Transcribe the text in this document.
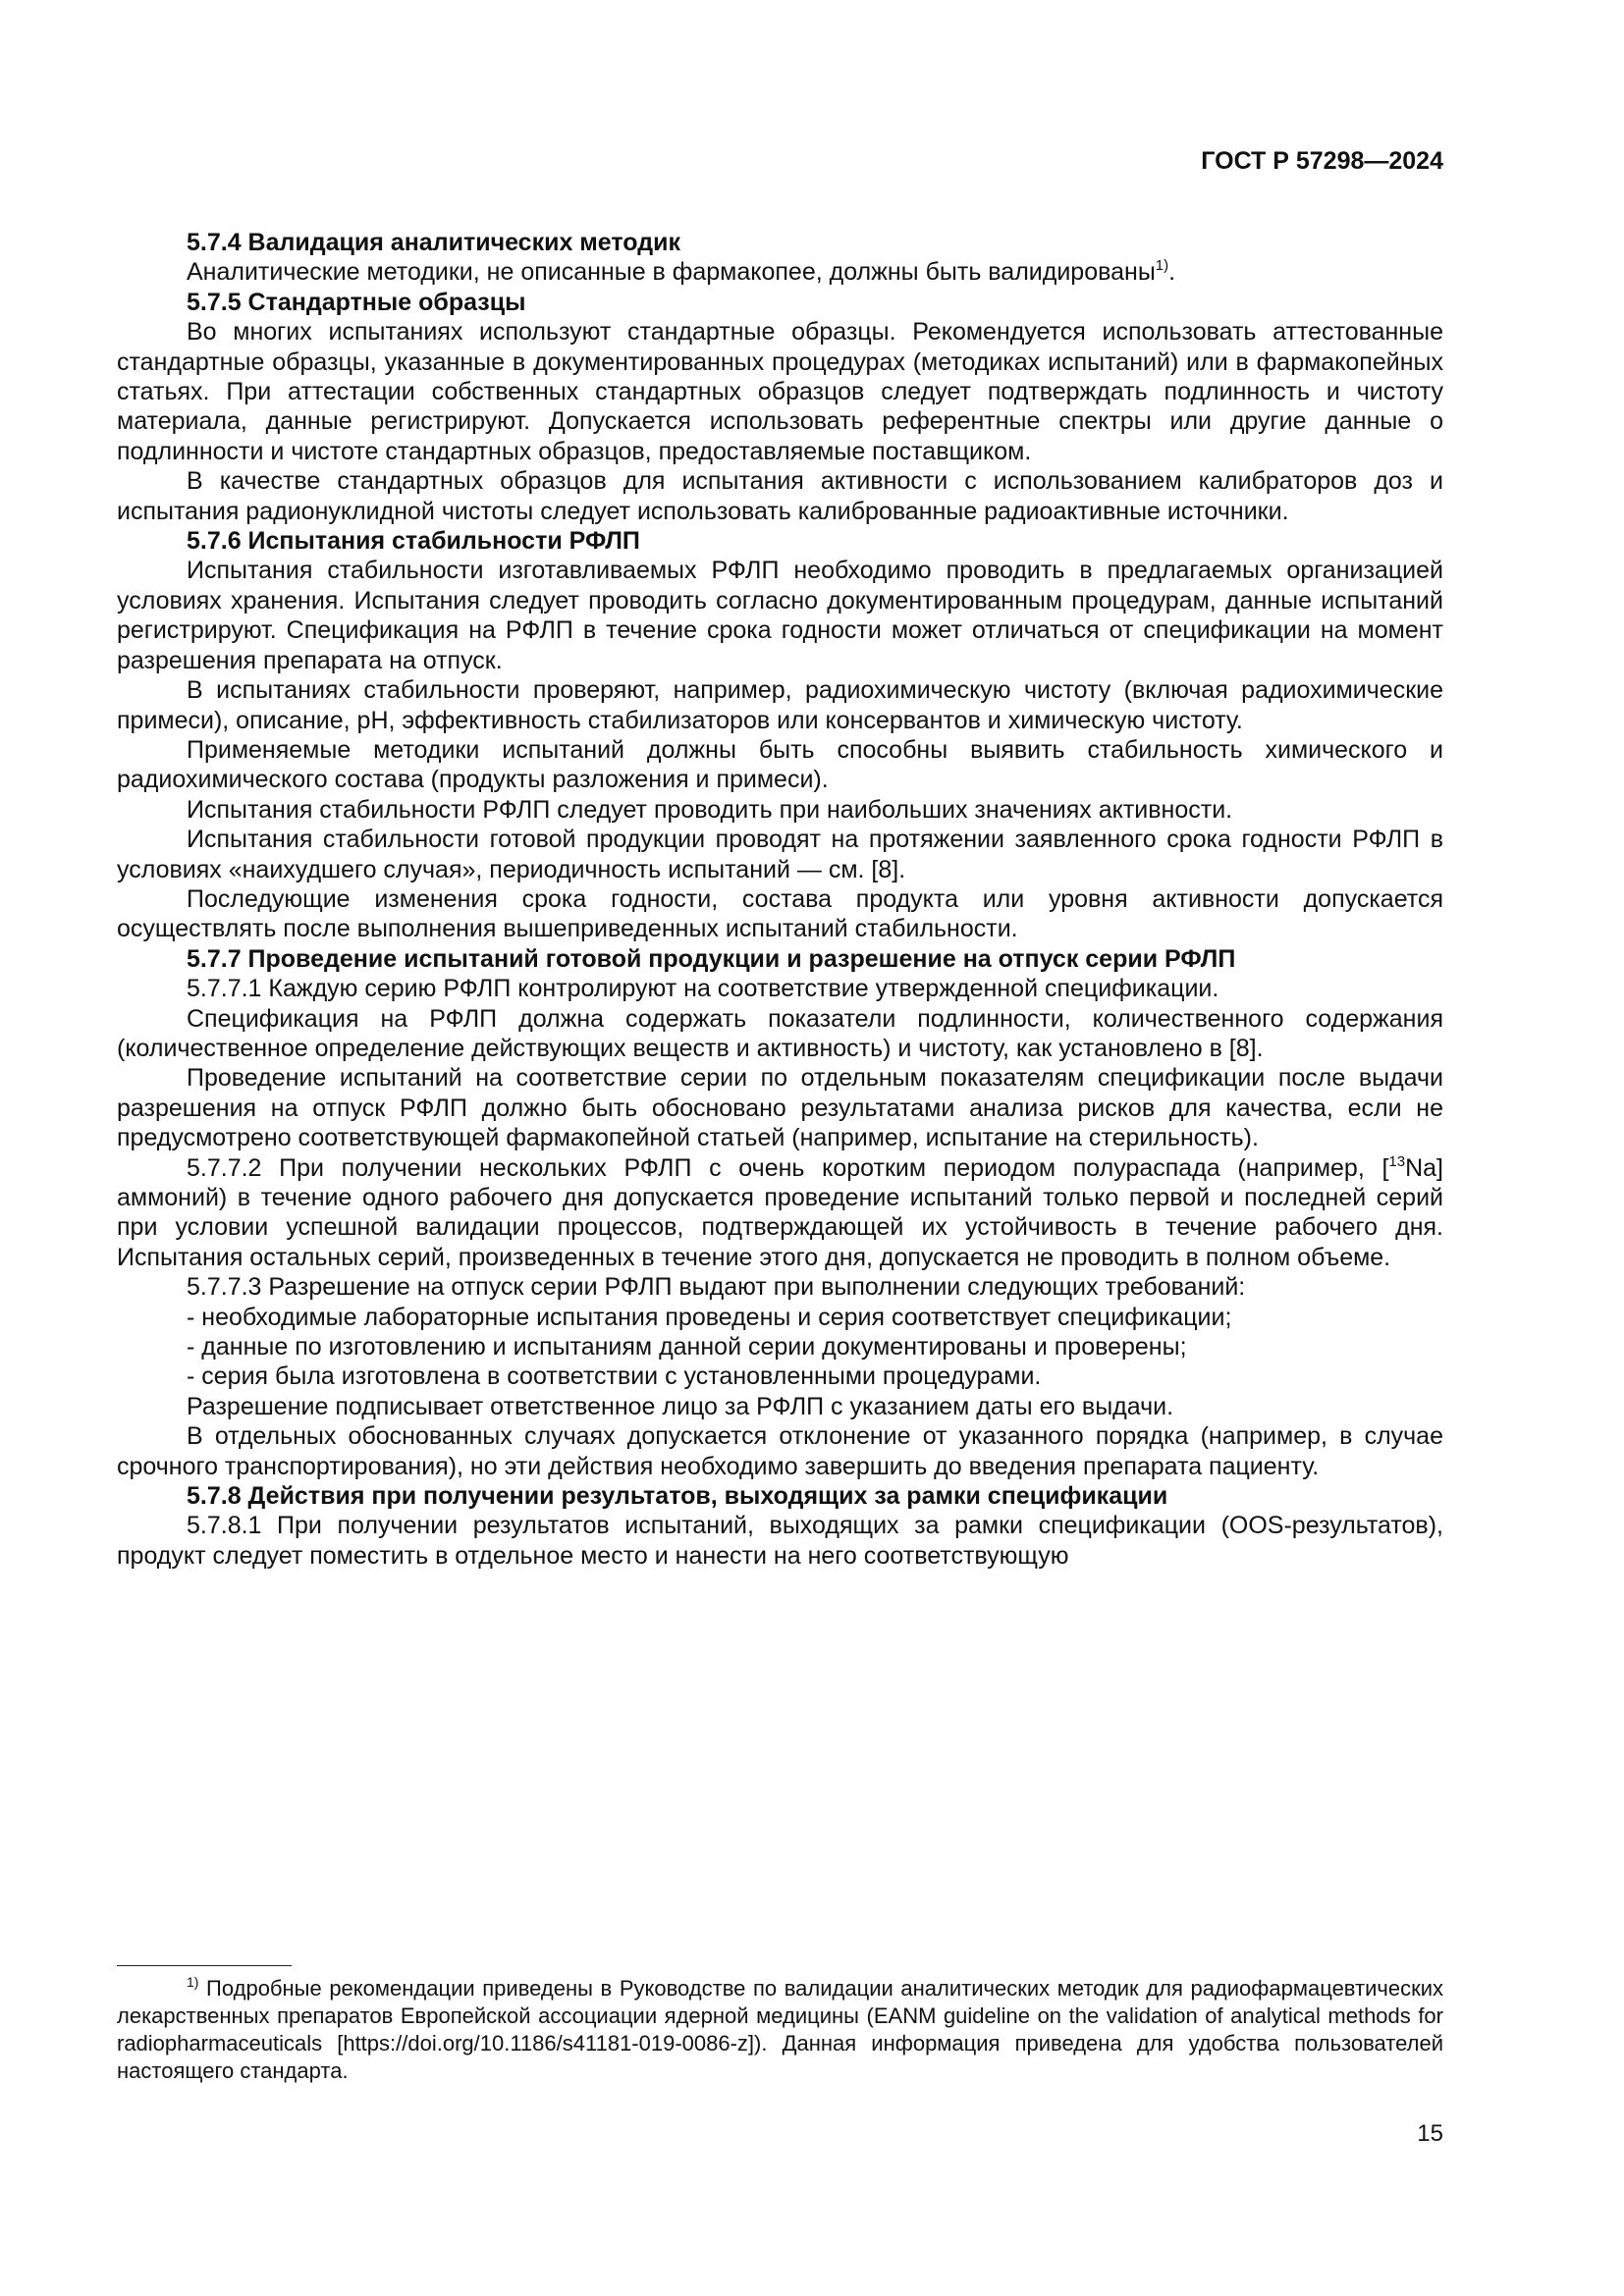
ГОСТ Р 57298—2024

5.7.4 Валидация аналитических методик

Аналитические методики, не описанные в фармакопее, должны быть валидированы$^{1)}$.

5.7.5 Стандартные образцы

Во многих испытаниях используют стандартные образцы. Рекомендуется использовать аттестованные стандартные образцы, указанные в документированных процедурах (методиках испытаний) или в фармакопейных статьях. При аттестации собственных стандартных образцов следует подтверждать подлинность и чистоту материала, данные регистрируют. Допускается использовать референтные спектры или другие данные о подлинности и чистоте стандартных образцов, предоставляемые поставщиком.

В качестве стандартных образцов для испытания активности с использованием калибраторов доз и испытания радионуклидной чистоты следует использовать калиброванные радиоактивные источники.

5.7.6 Испытания стабильности РФЛП

Испытания стабильности изготавливаемых РФЛП необходимо проводить в предлагаемых организацией условиях хранения. Испытания следует проводить согласно документированным процедурам, данные испытаний регистрируют. Спецификация на РФЛП в течение срока годности может отличаться от спецификации на момент разрешения препарата на отпуск.

В испытаниях стабильности проверяют, например, радиохимическую чистоту (включая радиохимические примеси), описание, pH, эффективность стабилизаторов или консервантов и химическую чистоту.

Применяемые методики испытаний должны быть способны выявить стабильность химического и радиохимического состава (продукты разложения и примеси).

Испытания стабильности РФЛП следует проводить при наибольших значениях активности.

Испытания стабильности готовой продукции проводят на протяжении заявленного срока годности РФЛП в условиях «наихудшего случая», периодичность испытаний — см. [8].

Последующие изменения срока годности, состава продукта или уровня активности допускается осуществлять после выполнения вышеприведенных испытаний стабильности.

5.7.7 Проведение испытаний готовой продукции и разрешение на отпуск серии РФЛП

5.7.7.1 Каждую серию РФЛП контролируют на соответствие утвержденной спецификации.

Спецификация на РФЛП должна содержать показатели подлинности, количественного содержания (количественное определение действующих веществ и активность) и чистоту, как установлено в [8].

Проведение испытаний на соответствие серии по отдельным показателям спецификации после выдачи разрешения на отпуск РФЛП должно быть обосновано результатами анализа рисков для качества, если не предусмотрено соответствующей фармакопейной статьей (например, испытание на стерильность).

5.7.7.2 При получении нескольких РФЛП с очень коротким периодом полураспада (например, [$^{13}$Na] аммоний) в течение одного рабочего дня допускается проведение испытаний только первой и последней серий при условии успешной валидации процессов, подтверждающей их устойчивость в течение рабочего дня. Испытания остальных серий, произведенных в течение этого дня, допускается не проводить в полном объеме.

5.7.7.3 Разрешение на отпуск серии РФЛП выдают при выполнении следующих требований:

- необходимые лабораторные испытания проведены и серия соответствует спецификации;

- данные по изготовлению и испытаниям данной серии документированы и проверены;

- серия была изготовлена в соответствии с установленными процедурами.

Разрешение подписывает ответственное лицо за РФЛП с указанием даты его выдачи.

В отдельных обоснованных случаях допускается отклонение от указанного порядка (например, в случае срочного транспортирования), но эти действия необходимо завершить до введения препарата пациенту.

5.7.8 Действия при получении результатов, выходящих за рамки спецификации

5.7.8.1 При получении результатов испытаний, выходящих за рамки спецификации (OOS-результатов), продукт следует поместить в отдельное место и нанести на него соответствующую

$^{1)}$ Подробные рекомендации приведены в Руководстве по валидации аналитических методик для радиофармацевтических лекарственных препаратов Европейской ассоциации ядерной медицины (EANM guideline on the validation of analytical methods for radiopharmaceuticals [https://doi.org/10.1186/s41181-019-0086-z]). Данная информация приведена для удобства пользователей настоящего стандарта.

15
